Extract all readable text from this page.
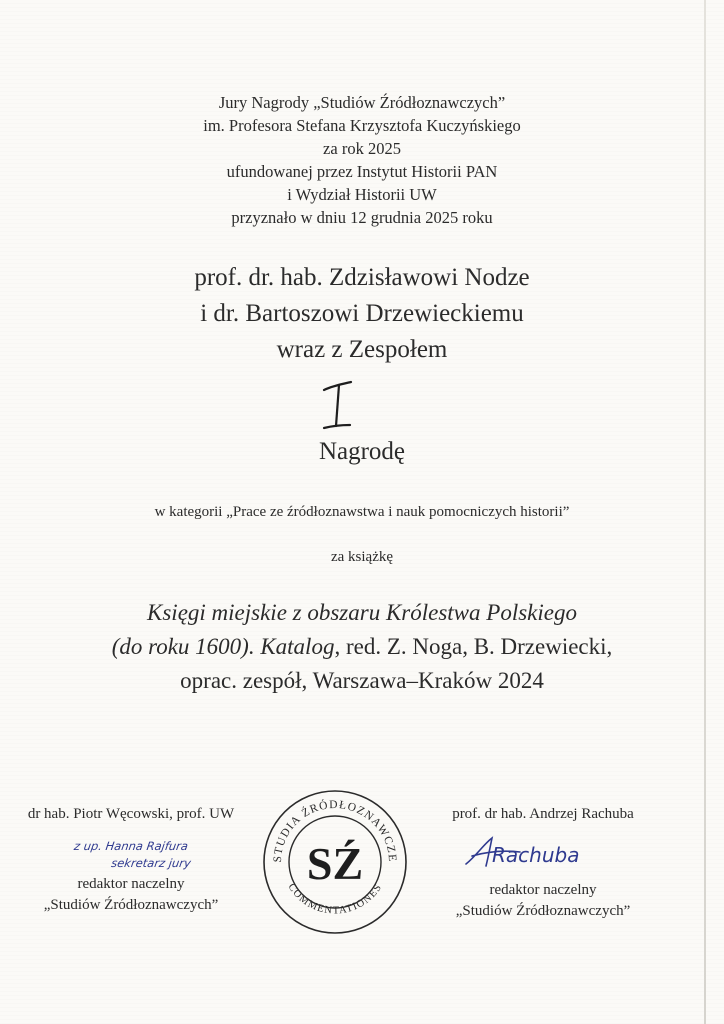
Jury Nagrody „Studiów Źródłoznawczych”
im. Profesora Stefana Krzysztofa Kuczyńskiego
za rok 2025
ufundowanej przez Instytut Historii PAN
i Wydział Historii UW
przyznało w dniu 12 grudnia 2025 roku
prof. dr. hab. Zdzisławowi Nodze
i dr. Bartoszowi Drzewieckiemu
wraz z Zespołem
Nagrodę
w kategorii „Prace ze źródłoznawstwa i nauk pomocniczych historii”
za książkę
Księgi miejskie z obszaru Królestwa Polskiego
(do roku 1600). Katalog, red. Z. Noga, B. Drzewiecki,
oprac. zespół, Warszawa–Kraków 2024
dr hab. Piotr Węcowski, prof. UW
z up. Hanna Rajfura
sekretarz jury
redaktor naczelny
„Studiów Źródłoznawczych”
STUDIA ŹRÓDŁOZNAWCZE
COMMENTATIONES
SŹ
prof. dr hab. Andrzej Rachuba
Rachuba
redaktor naczelny
„Studiów Źródłoznawczych”
